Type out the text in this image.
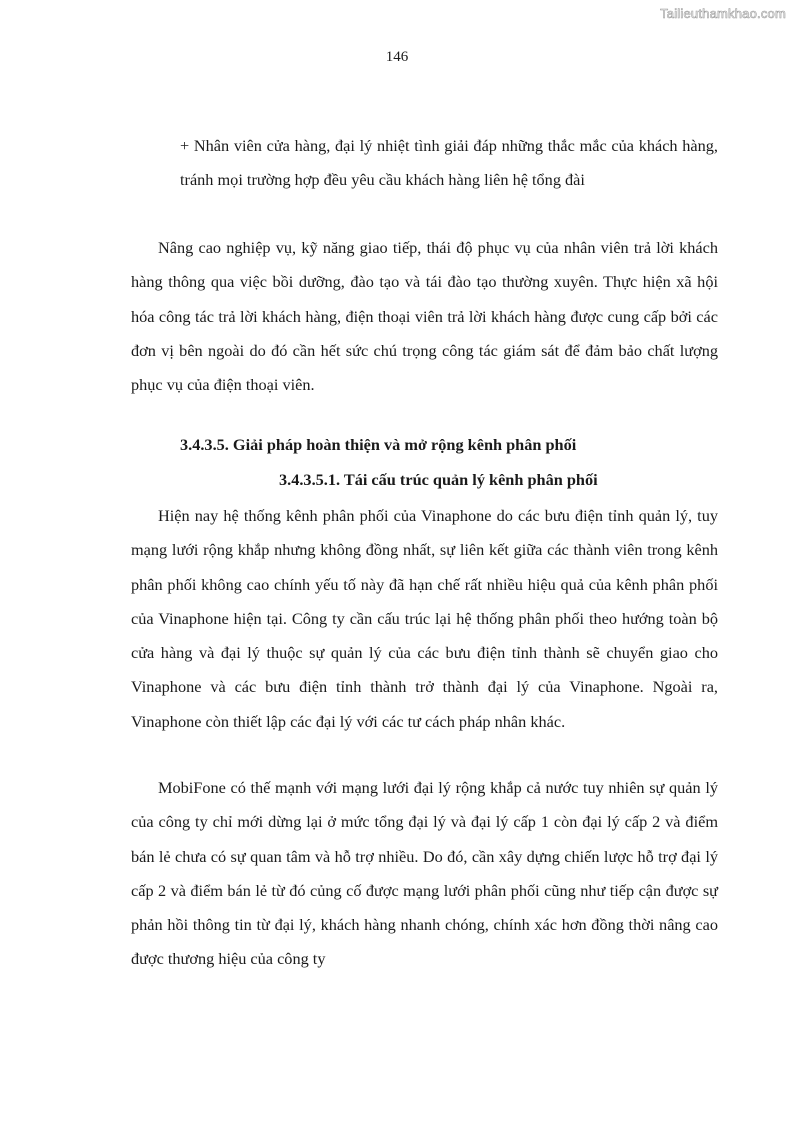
Tailieuthamkhao.com
146

+ Nhân viên cửa hàng, đại lý nhiệt tình giải đáp những thắc mắc của khách hàng, tránh mọi trường hợp đều yêu cầu khách hàng liên hệ tổng đài

Nâng cao nghiệp vụ, kỹ năng giao tiếp, thái độ phục vụ của nhân viên trả lời khách hàng thông qua việc bồi dưỡng, đào tạo và tái đào tạo thường xuyên. Thực hiện xã hội hóa công tác trả lời khách hàng, điện thoại viên trả lời khách hàng được cung cấp bởi các đơn vị bên ngoài do đó cần hết sức chú trọng công tác giám sát để đảm bảo chất lượng phục vụ của điện thoại viên.

3.4.3.5. Giải pháp hoàn thiện và mở rộng kênh phân phối
3.4.3.5.1. Tái cấu trúc quản lý kênh phân phối

Hiện nay hệ thống kênh phân phối của Vinaphone do các bưu điện tỉnh quản lý, tuy mạng lưới rộng khắp nhưng không đồng nhất, sự liên kết giữa các thành viên trong kênh phân phối không cao chính yếu tố này đã hạn chế rất nhiều hiệu quả của kênh phân phối của Vinaphone hiện tại. Công ty cần cấu trúc lại hệ thống phân phối theo hướng toàn bộ cửa hàng và đại lý thuộc sự quản lý của các bưu điện tỉnh thành sẽ chuyển giao cho Vinaphone và các bưu điện tỉnh thành trở thành đại lý của Vinaphone. Ngoài ra, Vinaphone còn thiết lập các đại lý với các tư cách pháp nhân khác.

MobiFone có thế mạnh với mạng lưới đại lý rộng khắp cả nước tuy nhiên sự quản lý của công ty chỉ mới dừng lại ở mức tổng đại lý và đại lý cấp 1 còn đại lý cấp 2 và điểm bán lẻ chưa có sự quan tâm và hỗ trợ nhiều. Do đó, cần xây dựng chiến lược hỗ trợ đại lý cấp 2 và điểm bán lẻ từ đó củng cố được mạng lưới phân phối cũng như tiếp cận được sự phản hồi thông tin từ đại lý, khách hàng nhanh chóng, chính xác hơn đồng thời nâng cao được thương hiệu của công ty
